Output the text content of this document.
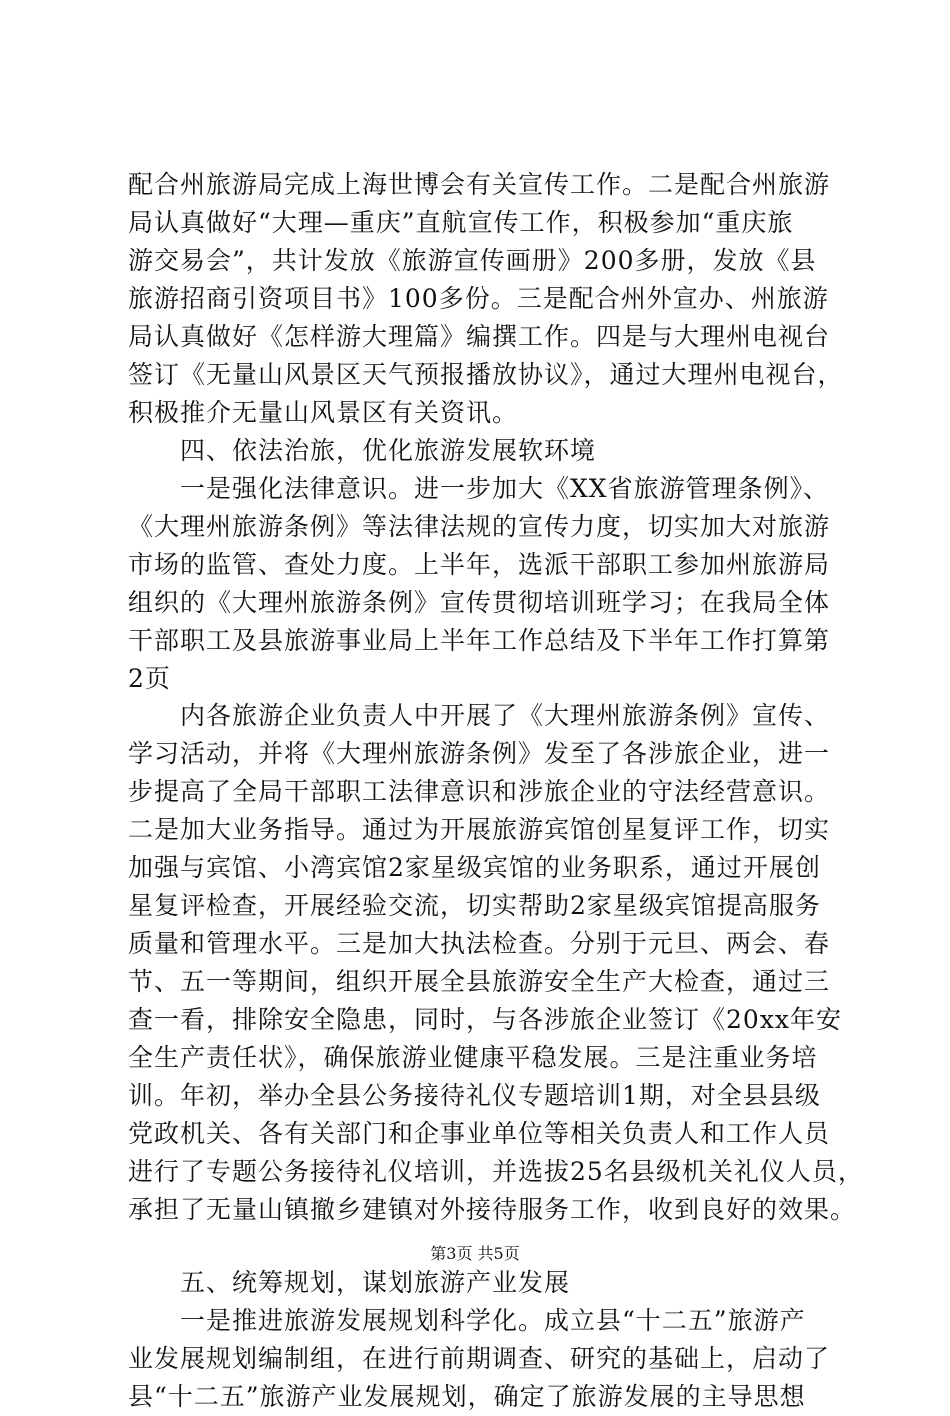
配合州旅游局完成上海世博会有关宣传工作。二是配合州旅游
局认真做好“大理—重庆”直航宣传工作，积极参加“重庆旅
游交易会”，共计发放《旅游宣传画册》200多册，发放《县
旅游招商引资项目书》100多份。三是配合州外宣办、州旅游
局认真做好《怎样游大理篇》编撰工作。四是与大理州电视台
签订《无量山风景区天气预报播放协议》，通过大理州电视台，
积极推介无量山风景区有关资讯。
　　四、依法治旅，优化旅游发展软环境
　　一是强化法律意识。进一步加大《XX省旅游管理条例》、
《大理州旅游条例》等法律法规的宣传力度，切实加大对旅游
市场的监管、查处力度。上半年，选派干部职工参加州旅游局
组织的《大理州旅游条例》宣传贯彻培训班学习；在我局全体
干部职工及县旅游事业局上半年工作总结及下半年工作打算第
2页
　　内各旅游企业负责人中开展了《大理州旅游条例》宣传、
学习活动，并将《大理州旅游条例》发至了各涉旅企业，进一
步提高了全局干部职工法律意识和涉旅企业的守法经营意识。
二是加大业务指导。通过为开展旅游宾馆创星复评工作，切实
加强与宾馆、小湾宾馆2家星级宾馆的业务职系，通过开展创
星复评检查，开展经验交流，切实帮助2家星级宾馆提高服务
质量和管理水平。三是加大执法检查。分别于元旦、两会、春
节、五一等期间，组织开展全县旅游安全生产大检查，通过三
查一看，排除安全隐患，同时，与各涉旅企业签订《20xx年安
全生产责任状》，确保旅游业健康平稳发展。三是注重业务培
训。年初，举办全县公务接待礼仪专题培训1期，对全县县级
党政机关、各有关部门和企事业单位等相关负责人和工作人员
进行了专题公务接待礼仪培训，并选拔25名县级机关礼仪人员，
承担了无量山镇撤乡建镇对外接待服务工作，收到良好的效果。
　　五、统筹规划，谋划旅游产业发展
　　一是推进旅游发展规划科学化。成立县“十二五”旅游产
业发展规划编制组，在进行前期调查、研究的基础上，启动了
县“十二五”旅游产业发展规划，确定了旅游发展的主导思想
第3页 共5页
